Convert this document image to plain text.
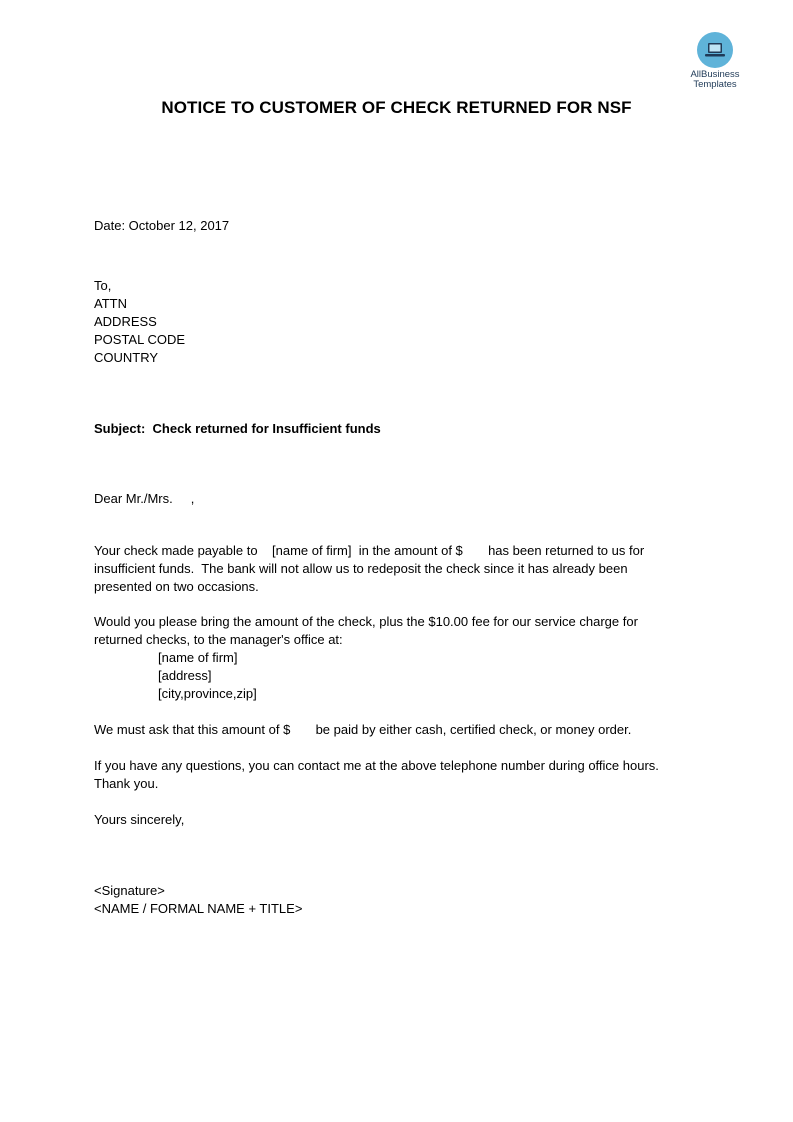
AllBusiness
Templates
NOTICE TO CUSTOMER OF CHECK RETURNED FOR NSF
Date: October 12, 2017
To,
ATTN
ADDRESS
POSTAL CODE
COUNTRY
Subject:  Check returned for Insufficient funds
Dear Mr./Mrs.     ,
Your check made payable to    [name of firm]  in the amount of $       has been returned to us for
insufficient funds.  The bank will not allow us to redeposit the check since it has already been
presented on two occasions.
Would you please bring the amount of the check, plus the $10.00 fee for our service charge for
returned checks, to the manager's office at:
[name of firm]
[address]
[city,province,zip]
We must ask that this amount of $       be paid by either cash, certified check, or money order.
If you have any questions, you can contact me at the above telephone number during office hours.
Thank you.
Yours sincerely,
<Signature>
<NAME / FORMAL NAME + TITLE>
